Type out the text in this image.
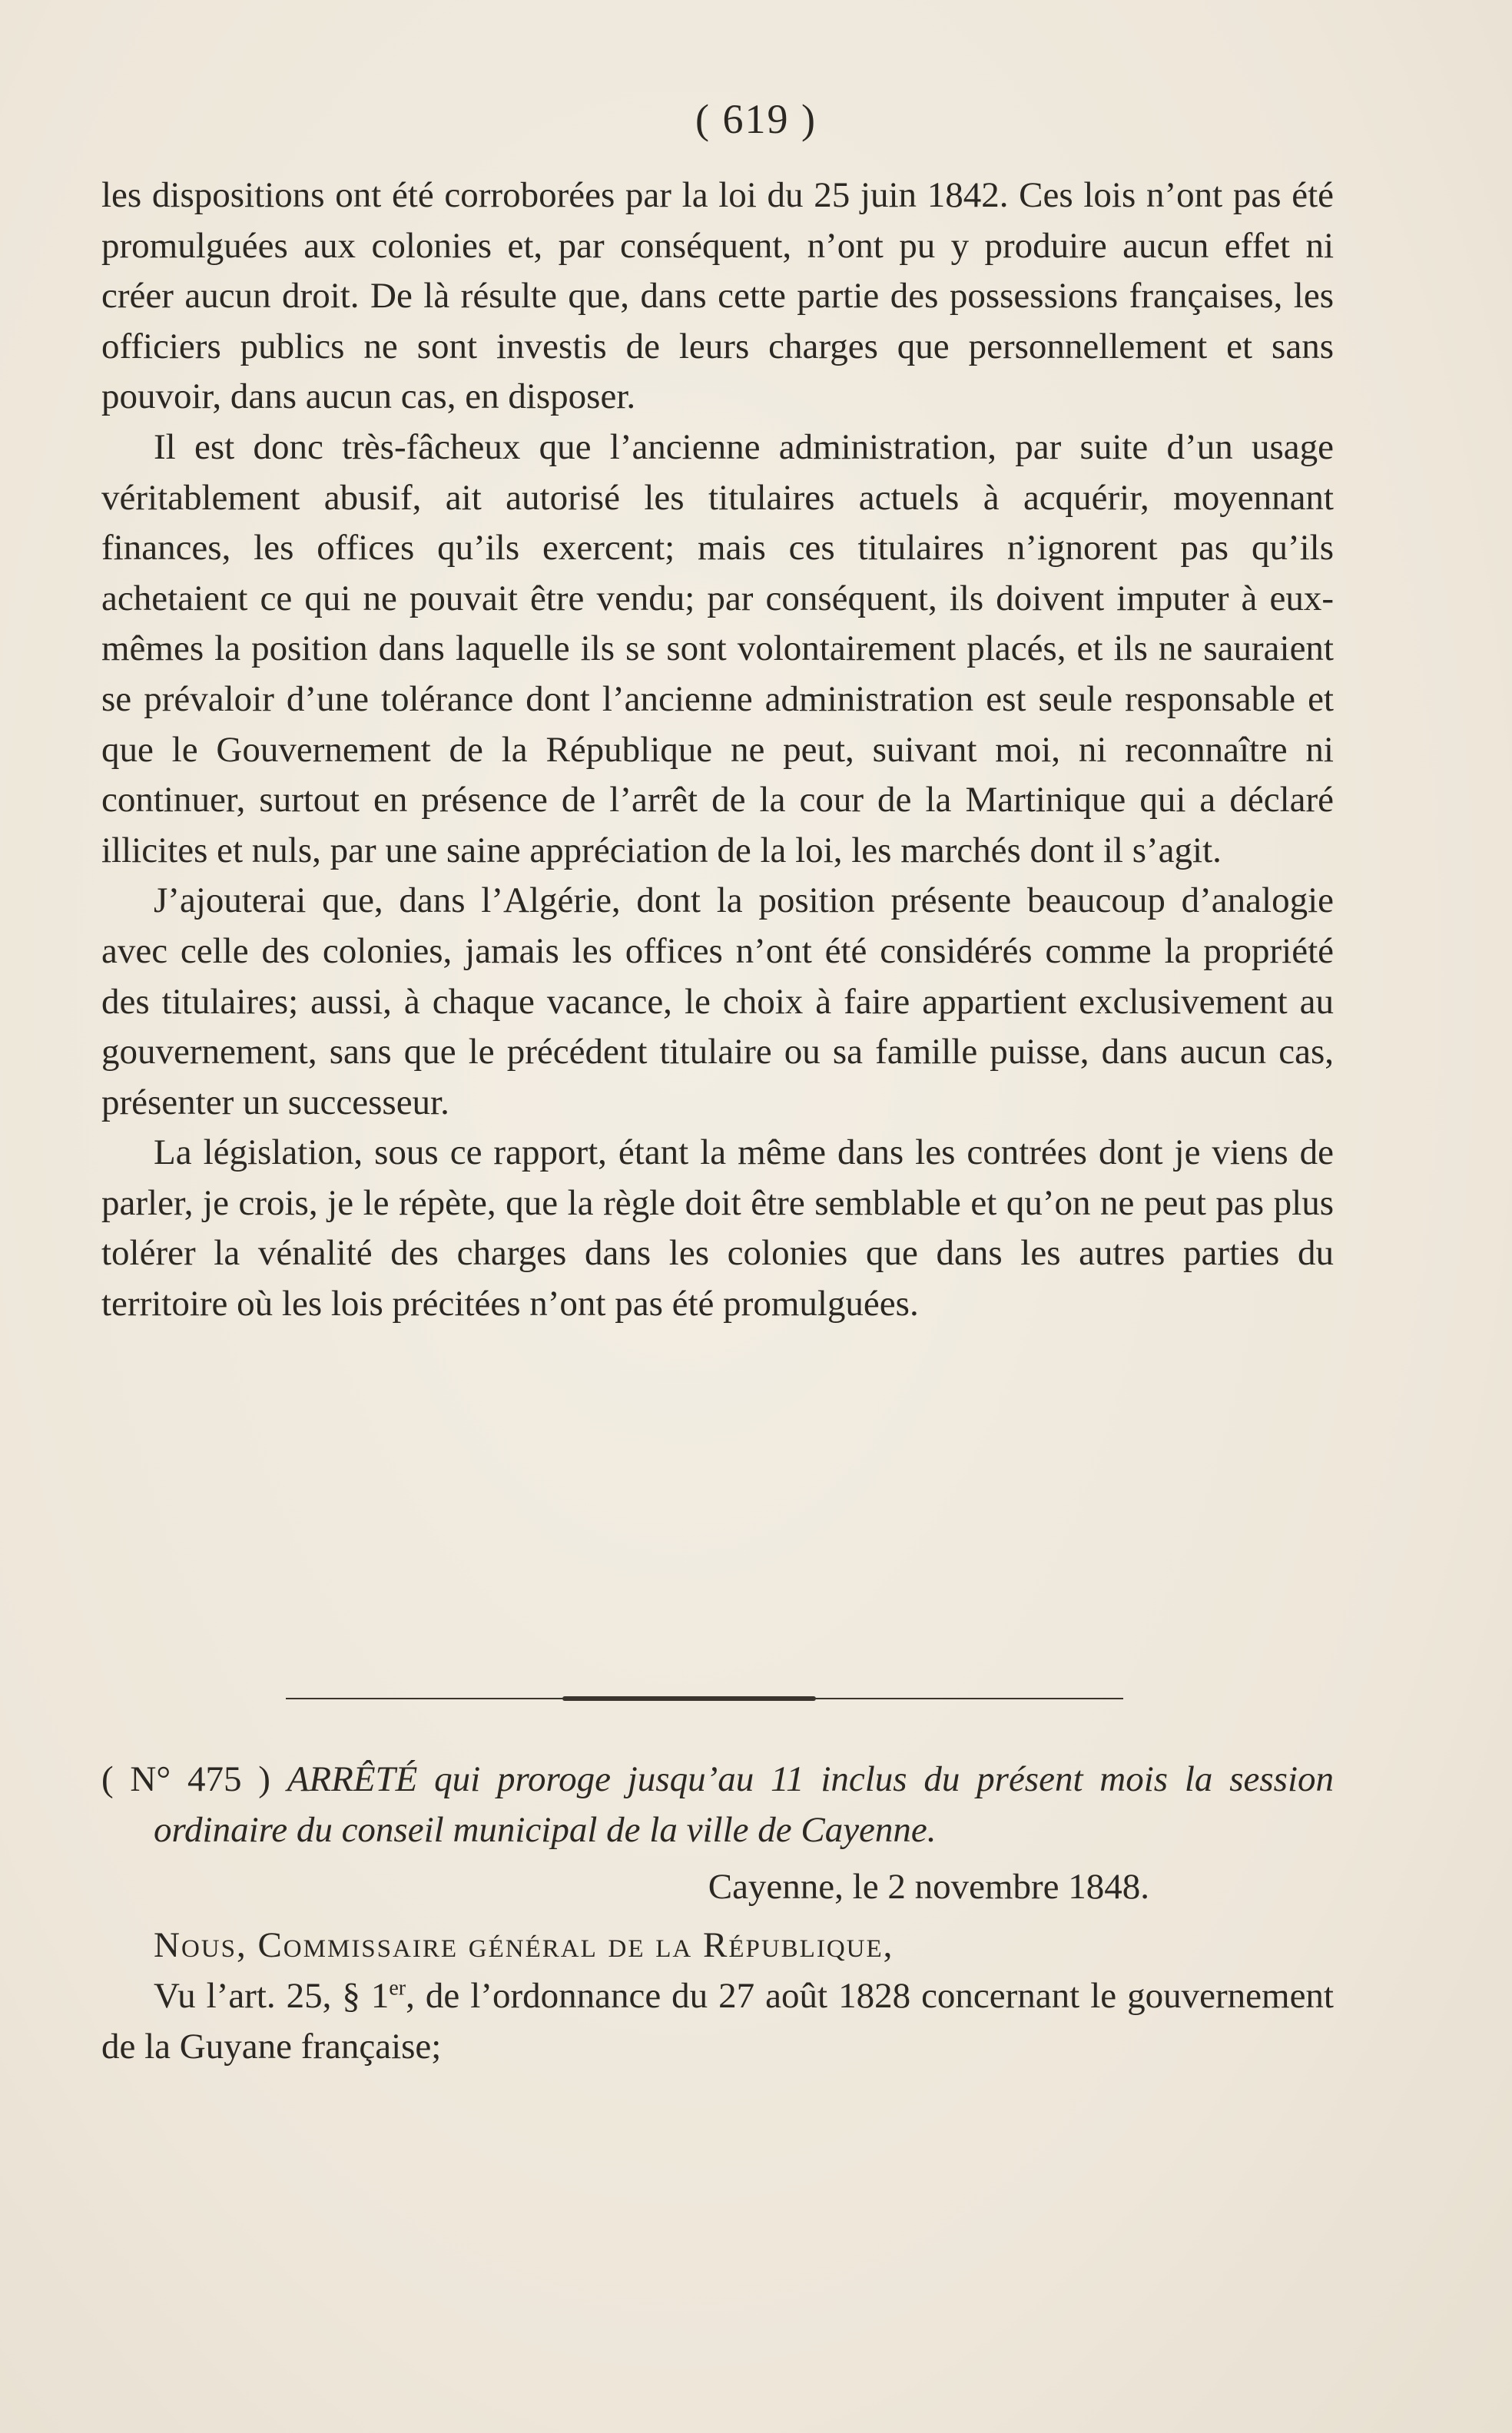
( 619 )

les dispositions ont été corroborées par la loi du 25 juin 1842. Ces lois n’ont pas été promulguées aux colonies et, par conséquent, n’ont pu y produire aucun effet ni créer aucun droit. De là résulte que, dans cette partie des possessions françaises, les officiers publics ne sont investis de leurs charges que personnellement et sans pouvoir, dans aucun cas, en disposer.

Il est donc très-fâcheux que l’ancienne administration, par suite d’un usage véritablement abusif, ait autorisé les titulaires actuels à acquérir, moyennant finances, les offices qu’ils exercent; mais ces titulaires n’ignorent pas qu’ils achetaient ce qui ne pouvait être vendu; par conséquent, ils doivent imputer à eux-mêmes la position dans laquelle ils se sont volontairement placés, et ils ne sauraient se prévaloir d’une tolérance dont l’ancienne administration est seule responsable et que le Gouvernement de la République ne peut, suivant moi, ni reconnaître ni continuer, surtout en présence de l’arrêt de la cour de la Martinique qui a déclaré illicites et nuls, par une saine appréciation de la loi, les marchés dont il s’agit.

J’ajouterai que, dans l’Algérie, dont la position présente beaucoup d’analogie avec celle des colonies, jamais les offices n’ont été considérés comme la propriété des titulaires; aussi, à chaque vacance, le choix à faire appartient exclusivement au gouvernement, sans que le précédent titulaire ou sa famille puisse, dans aucun cas, présenter un successeur.

La législation, sous ce rapport, étant la même dans les contrées dont je viens de parler, je crois, je le répète, que la règle doit être semblable et qu’on ne peut pas plus tolérer la vénalité des charges dans les colonies que dans les autres parties du territoire où les lois précitées n’ont pas été promulguées.

( N° 475 ) ARRÊTÉ qui proroge jusqu’au 11 inclus du présent mois la session ordinaire du conseil municipal de la ville de Cayenne.

Cayenne, le 2 novembre 1848.

Nous, Commissaire général de la République,

Vu l’art. 25, § 1er, de l’ordonnance du 27 août 1828 concernant le gouvernement de la Guyane française;
